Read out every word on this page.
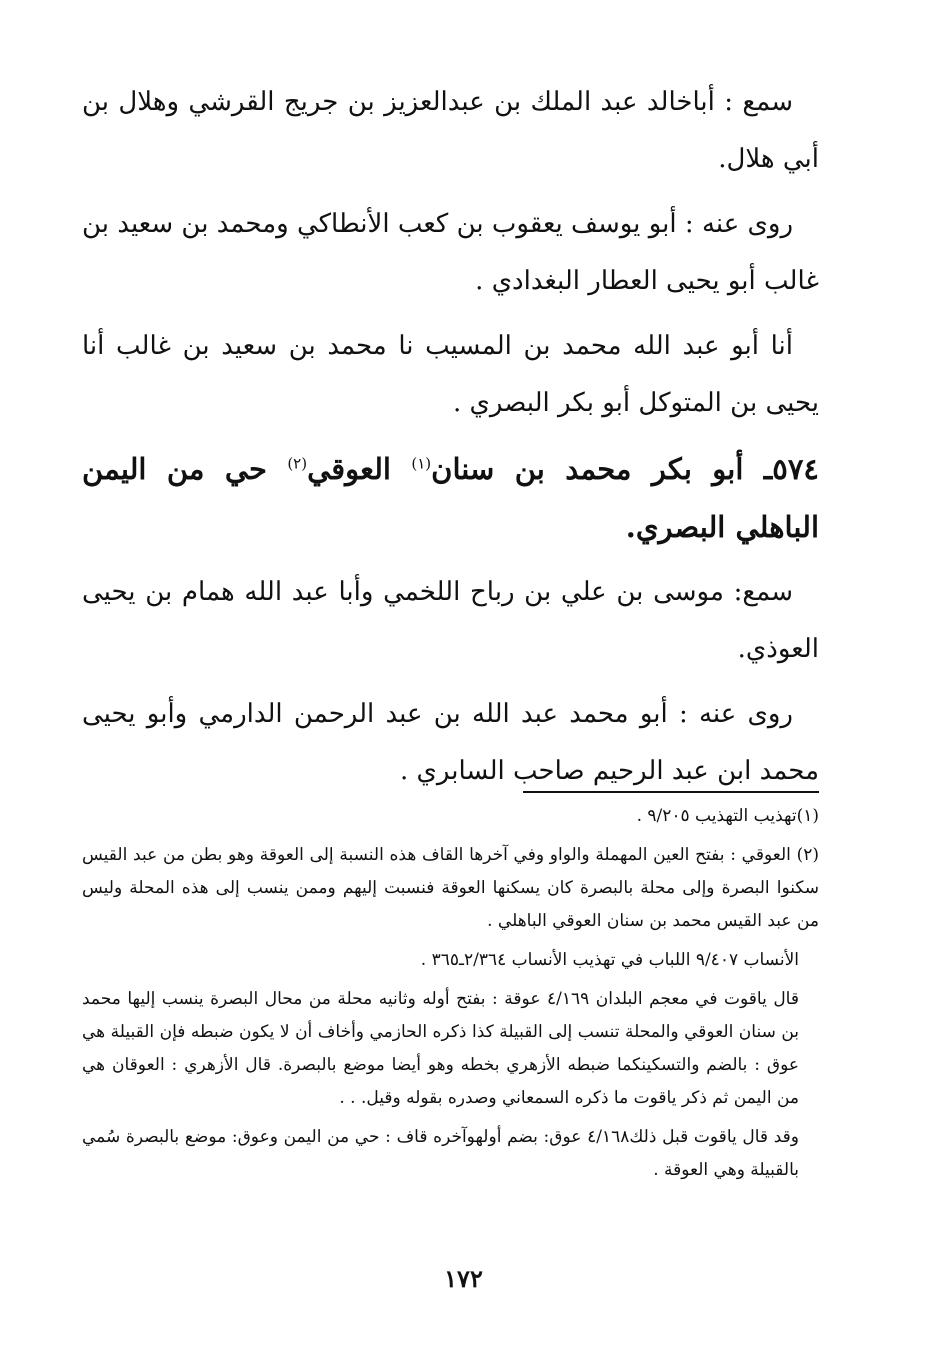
سمع : أباخالد عبد الملك بن عبدالعزيز بن جريج القرشي وهلال بن أبي هلال.

روى عنه : أبو يوسف يعقوب بن كعب الأنطاكي ومحمد بن سعيد بن غالب أبو يحيى العطار البغدادي .

أنا أبو عبد الله محمد بن المسيب نا محمد بن سعيد بن غالب أنا يحيى بن المتوكل أبو بكر البصري .

٥٧٤ـ أبو بكر محمد بن سنان$^{(١)}$ العوقي$^{(٢)}$ حي من اليمن الباهلي البصري.

سمع: موسى بن علي بن رباح اللخمي وأبا عبد الله همام بن يحيى العوذي.

روى عنه : أبو محمد عبد الله بن عبد الرحمن الدارمي وأبو يحيى محمد ابن عبد الرحيم صاحب السابري .

(١)تهذيب التهذيب ٩/٢٠٥ .

(٢) العوقي : بفتح العين المهملة والواو وفي آخرها القاف هذه النسبة إلى العوقة وهو بطن من عبد القيس سكنوا البصرة وإلى محلة بالبصرة كان يسكنها العوقة فنسبت إليهم وممن ينسب إلى هذه المحلة وليس من عبد القيس محمد بن سنان العوقي الباهلي .

الأنساب ٩/٤٠٧ اللباب في تهذيب الأنساب ٢/٣٦٤ـ٣٦٥ .

قال ياقوت في معجم البلدان ٤/١٦٩ عوقة : بفتح أوله وثانيه محلة من محال البصرة ينسب إليها محمد بن سنان العوقي والمحلة تنسب إلى القبيلة كذا ذكره الحازمي وأخاف أن لا يكون ضبطه فإن القبيلة هي عوق : بالضم والتسكينكما ضبطه الأزهري بخطه وهو أيضا موضع بالبصرة. قال الأزهري : العوقان هي من اليمن ثم ذكر ياقوت ما ذكره السمعاني وصدره بقوله وقيل. . .

وقد قال ياقوت قبل ذلك٤/١٦٨ عوق: بضم أولهوآخره قاف : حي من اليمن وعوق: موضع بالبصرة سُمي بالقبيلة وهي العوقة .

١٧٢
